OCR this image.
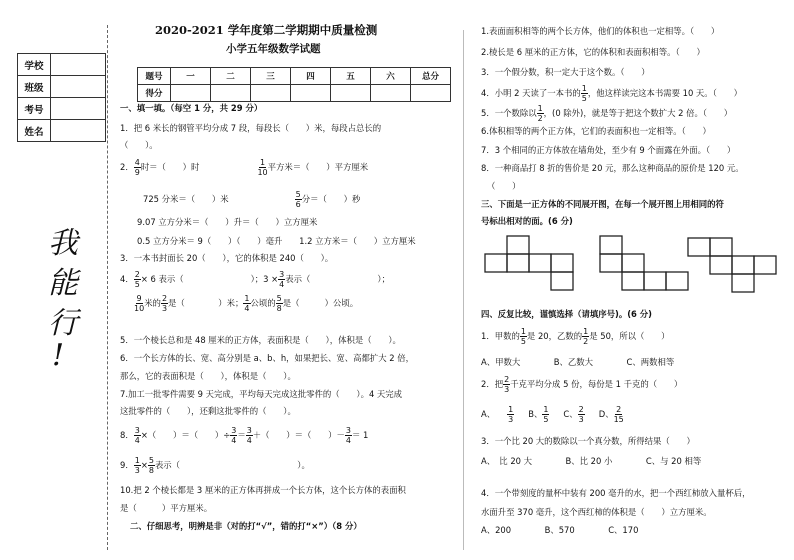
2020-2021 学年度第二学期期中质量检测
小学五年级数学试题
学校	
班级	
考号	
姓名	
我
能
行
!
题号	一	二	三	四	五	六	总分
得分							
一、填一填。（每空 1 分，共 29 分）
1．把 6 米长的钢管平均分成 7 段，每段长（　　）米，每段占总长的
（　　）。
2． $\frac{4}{9}$ 时＝（　　）时	$\frac{1}{10}$ 平方米＝（　　）平方厘米
725 分米＝（　　）米	$\frac{5}{6}$ 分＝（　　）秒
9.07 立方分米＝（　　）升＝（　　）立方厘米
0.5 立方分米＝ 9（　　）（　　）毫升　　1.2 立方米＝（　　）立方厘米
3．一本书封面长 20（　　），它的体积是 240（　　）。
4． $\frac{2}{5} \times 6$ 表示（　　　　　　　　）；$3 \times \frac{3}{4}$ 表示（　　　　　　　　）；
$\frac{9}{10}$ 米的 $\frac{2}{3}$ 是（　　　　）米； $\frac{1}{4}$ 公顷的 $\frac{5}{8}$ 是（　　　）公顷。
5．一个棱长总和是 48 厘米的正方体，表面积是（　　），体积是（　　）。
6．一个长方体的长、宽、高分别是 a、b、h，如果把长、宽、高都扩大 2 倍，
那么，它的表面积是（　　），体积是（　　）。
7.加工一批零件需要 9 天完成，平均每天完成这批零件的（　　）。4 天完成
这批零件的（　　），还剩这批零件的（　　）。
8． $\frac{3}{4}$ ×（　　）＝（　　）÷ $\frac{3}{4} = \frac{3}{4}$ ＋（　　）＝（　　）－ $\frac{3}{4} = 1$
9． $\frac{1}{3} \times \frac{5}{8}$ 表示（　　　　　　　　　　　　　　）。
10.把 2 个棱长都是 3 厘米的正方体再拼成一个长方体，这个长方体的表面积
是（　　　）平方厘米。
二、仔细思考，明辨是非（对的打“√”，错的打“×”）（8 分）
1.表面面积相等的两个长方体，他们的体积也一定相等。（　　）
2.棱长是 6 厘米的正方体，它的体积和表面积相等。（　　）
3．一个假分数，积一定大于这个数。（　　）
4．小明 2 天读了一本书的 $\frac{1}{5}$ ，他这样读完这本书需要 10 天。（　　）
5．一个数除以 $\frac{1}{2}$ ，(0 除外)，就是等于把这个数扩大 2 倍。（　　）
6.体积相等的两个正方体，它们的表面积也一定相等。（　　）
7．3 个相同的正方体放在墙角处，至少有 9 个面露在外面。（　　）
8．一种商品打 8 折的售价是 20 元，那么这种商品的原价是 120 元。
（　　）
三、下面是一正方体的不同展开图，在每一个展开图上用相同的符
号标出相对的面。(6 分)
四、反复比较，谨慎选择（请填序号)。(6 分)
1．甲数的 $\frac{1}{5}$ 是 20，乙数的 $\frac{1}{2}$ 是 50，所以（　　）
A、甲数大　　　　B、乙数大　　　　C、两数相等
2．把 $\frac{2}{3}$ 千克平均分成 5 份，每份是 1 千克的（　　）
A、 $\frac{1}{3}$ B、 $\frac{1}{5}$ C、 $\frac{2}{3}$ D、 $\frac{2}{15}$
3．一个比 20 大的数除以一个真分数，所得结果（　　）
A、　比 20 大　　　　B、比 20 小　　　　C、与 20 相等
4．一个带刻度的量杯中装有 200 毫升的水，把一个西红柿放入量杯后，
水面升至 370 毫升，这个西红柿的体积是（　　）立方厘米。
A、200　　　　B、570　　　　C、170
